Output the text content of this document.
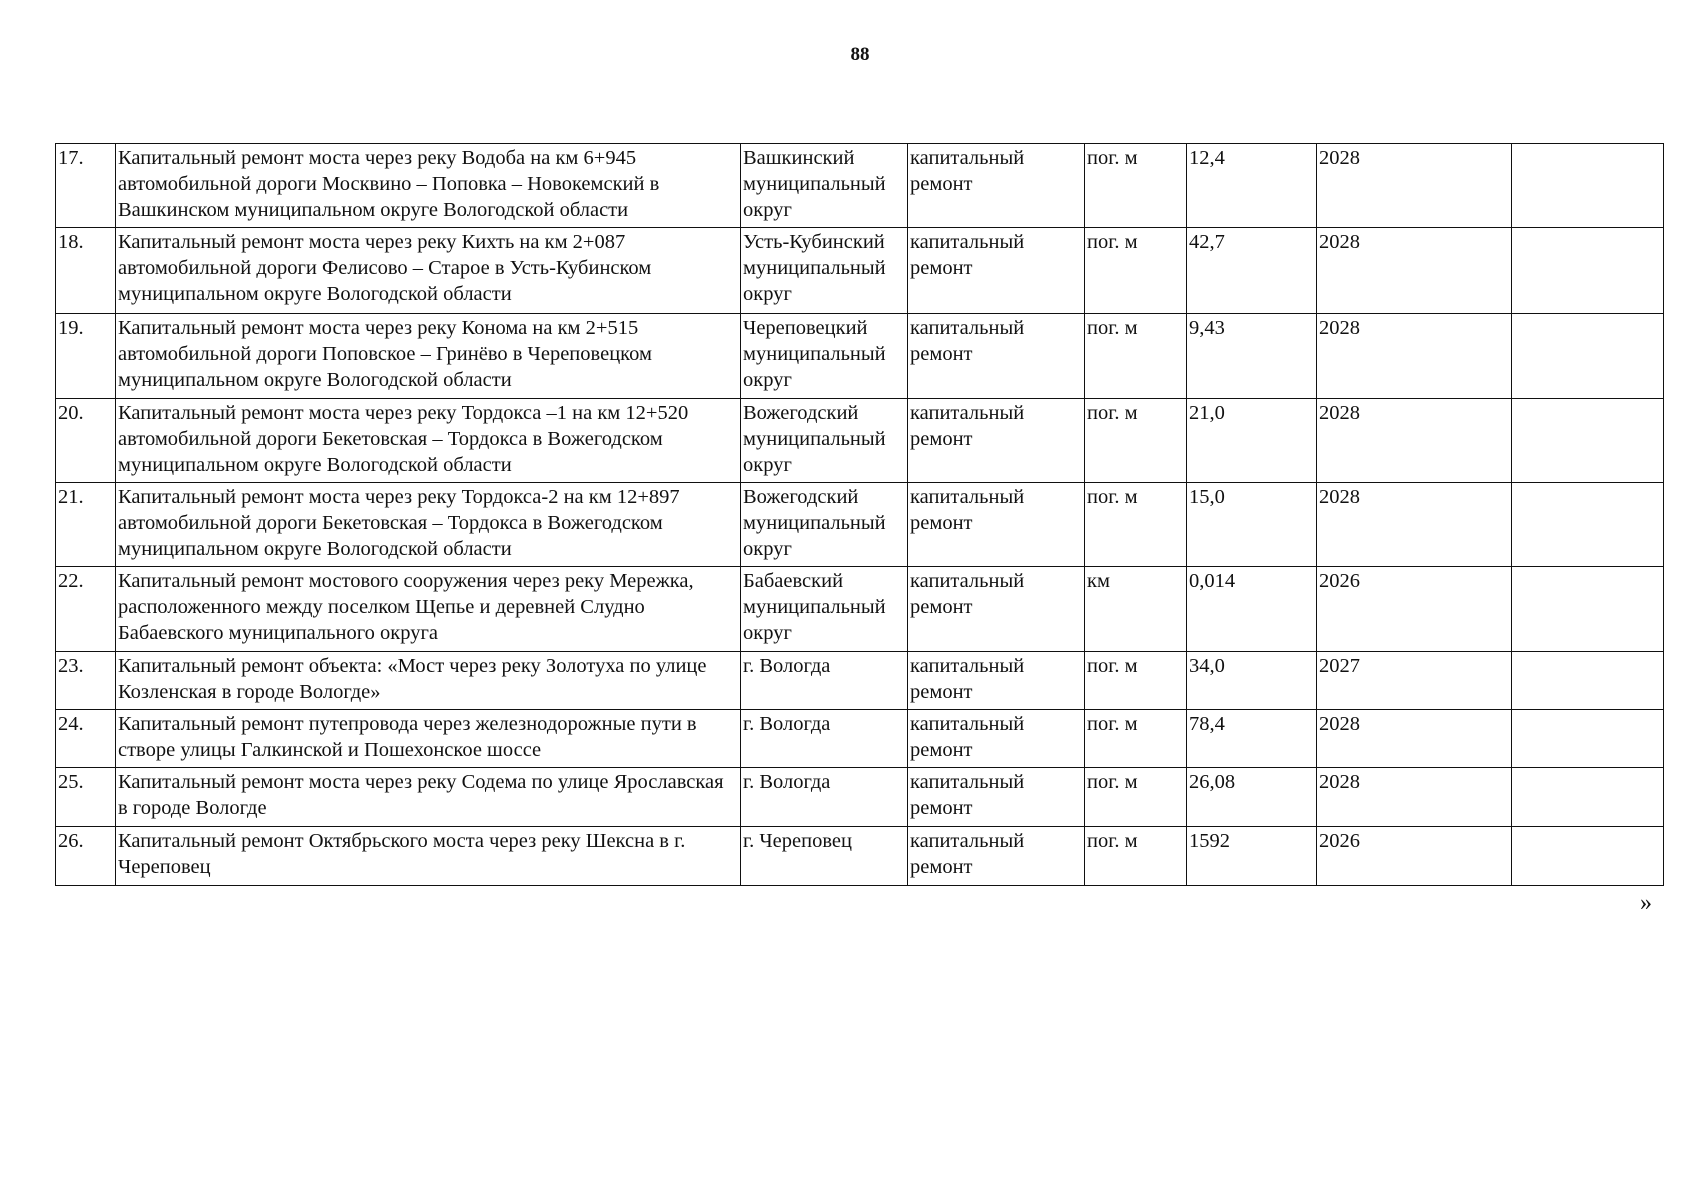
88
17.	Капитальный ремонт моста через реку Водоба на км 6+945 автомобильной дороги Москвино – Поповка – Новокемский в Вашкинском муниципальном округе Вологодской области	Вашкинский муниципальный округ	капитальный ремонт	пог. м	12,4	2028	
18.	Капитальный ремонт моста через реку Кихть на км 2+087 автомобильной дороги Фелисово – Старое в Усть-Кубинском муниципальном округе Вологодской области	Усть-Кубинский муниципальный округ	капитальный ремонт	пог. м	42,7	2028	
19.	Капитальный ремонт моста через реку Конома на км 2+515 автомобильной дороги Поповское – Гринёво в Череповецком муниципальном округе Вологодской области	Череповецкий муниципальный округ	капитальный ремонт	пог. м	9,43	2028	
20.	Капитальный ремонт моста через реку Тордокса –1 на км 12+520 автомобильной дороги Бекетовская – Тордокса в Вожегодском муниципальном округе Вологодской области	Вожегодский муниципальный округ	капитальный ремонт	пог. м	21,0	2028	
21.	Капитальный ремонт моста через реку Тордокса-2 на км 12+897 автомобильной дороги Бекетовская – Тордокса в Вожегодском муниципальном округе Вологодской области	Вожегодский муниципальный округ	капитальный ремонт	пог. м	15,0	2028	
22.	Капитальный ремонт мостового сооружения через реку Мережка, расположенного между поселком Щепье и деревней Слудно Бабаевского муниципального округа	Бабаевский муниципальный округ	капитальный ремонт	км	0,014	2026	
23.	Капитальный ремонт объекта: «Мост через реку Золотуха по улице Козленская в городе Вологде»	г. Вологда	капитальный ремонт	пог. м	34,0	2027	
24.	Капитальный ремонт путепровода через железнодорожные пути в створе улицы Галкинской и Пошехонское шоссе	г. Вологда	капитальный ремонт	пог. м	78,4	2028	
25.	Капитальный ремонт моста через реку Содема по улице Ярославская в городе Вологде	г. Вологда	капитальный ремонт	пог. м	26,08	2028	
26.	Капитальный ремонт Октябрьского моста через реку Шексна в г. Череповец	г. Череповец	капитальный ремонт	пог. м	1592	2026	
»
